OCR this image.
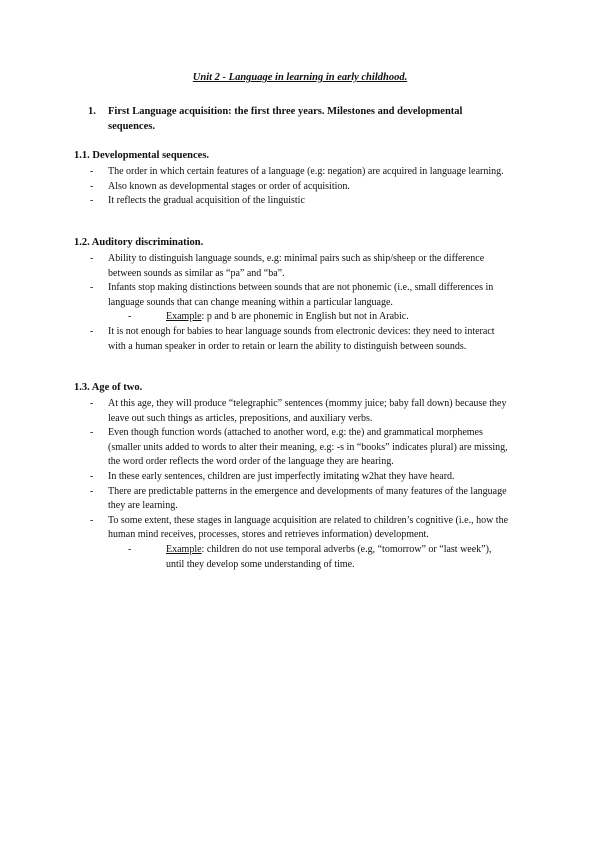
Unit 2 - Language in learning in early childhood.
1. First Language acquisition: the first three years. Milestones and developmental sequences.
1.1. Developmental sequences.
- The order in which certain features of a language (e.g: negation) are acquired in language learning.
- Also known as developmental stages or order of acquisition.
- It reflects the gradual acquisition of the linguistic
1.2. Auditory discrimination.
- Ability to distinguish language sounds, e.g: minimal pairs such as ship/sheep or the difference between sounds as similar as “pa” and “ba”.
- Infants stop making distinctions between sounds that are not phonemic (i.e., small differences in language sounds that can change meaning within a particular language.
-	Example: p and b are phonemic in English but not in Arabic.
- It is not enough for babies to hear language sounds from electronic devices: they need to interact with a human speaker in order to retain or learn the ability to distinguish between sounds.
1.3. Age of two.
- At this age, they will produce “telegraphic” sentences (mommy juice; baby fall down) because they leave out such things as articles, prepositions, and auxiliary verbs.
- Even though function words (attached to another word, e.g: the) and grammatical morphemes (smaller units added to words to alter their meaning, e.g: -s in “books” indicates plural) are missing, the word order reflects the word order of the language they are hearing.
- In these early sentences, children are just imperfectly imitating w2hat they have heard.
- There are predictable patterns in the emergence and developments of many features of the language they are learning.
- To some extent, these stages in language acquisition are related to children’s cognitive (i.e., how the human mind receives, processes, stores and retrieves information) development.
-	Example: children do not use temporal adverbs (e.g, “tomorrow” or “last week”), until they develop some understanding of time.
